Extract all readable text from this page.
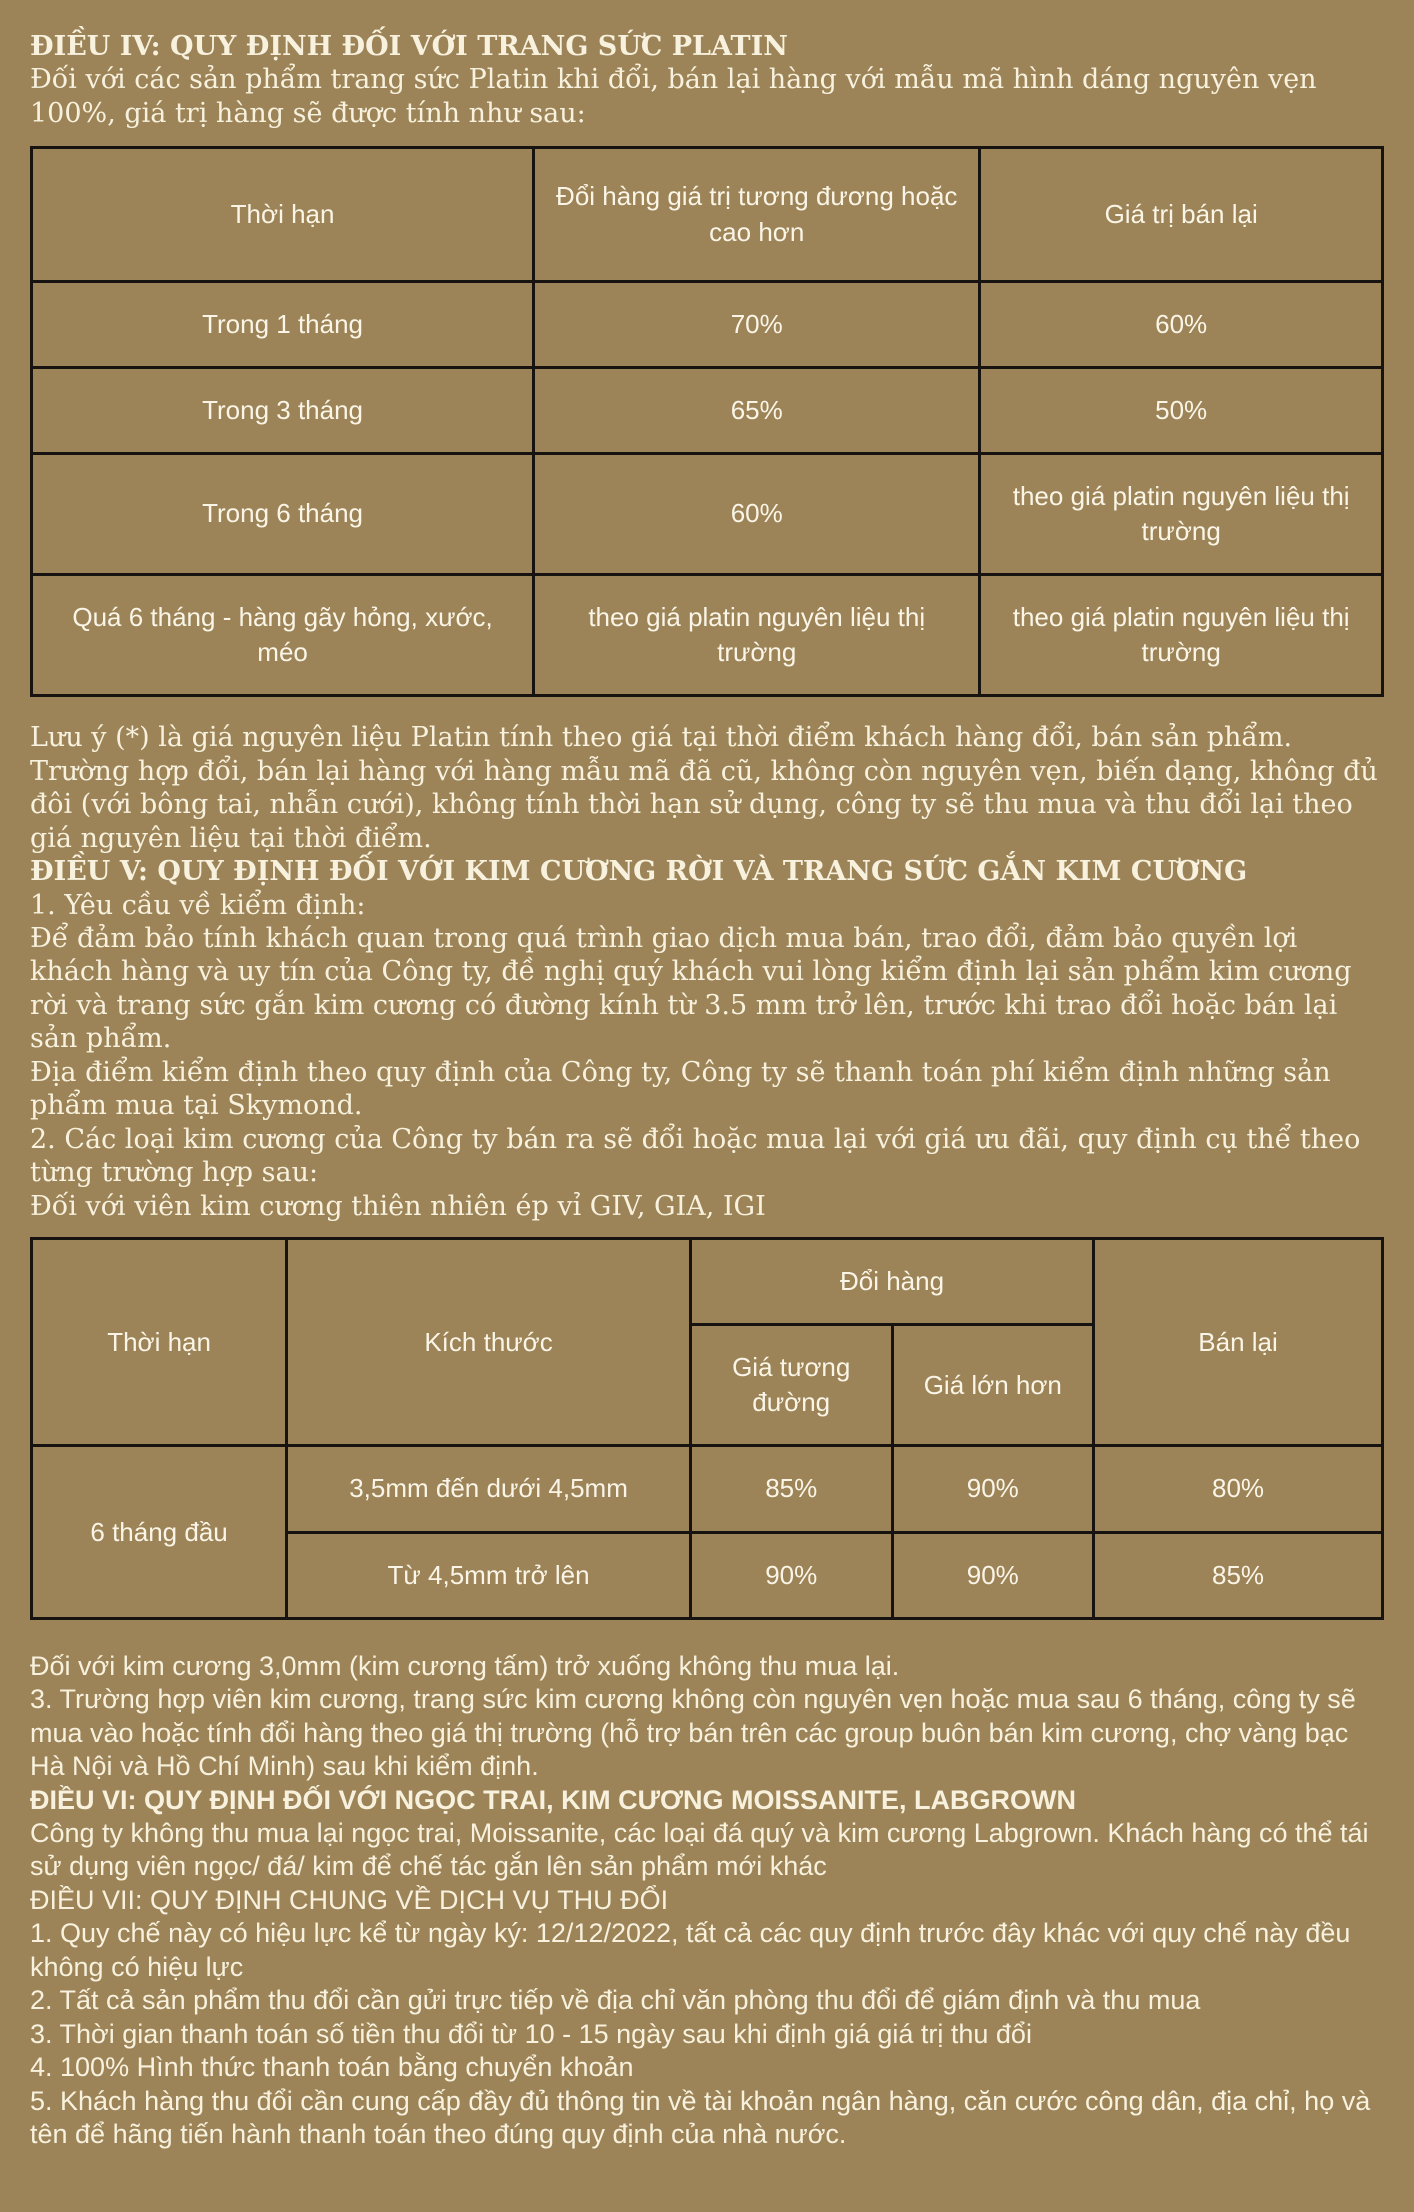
ĐIỀU IV: QUY ĐỊNH ĐỐI VỚI TRANG SỨC PLATIN

Đối với các sản phẩm trang sức Platin khi đổi, bán lại hàng với mẫu mã hình dáng nguyên vẹn 100%, giá trị hàng sẽ được tính như sau:

Thời hạn	Đổi hàng giá trị tương đương hoặc cao hơn	Giá trị bán lại
Trong 1 tháng	70%	60%
Trong 3 tháng	65%	50%
Trong 6 tháng	60%	theo giá platin nguyên liệu thị trường
Quá 6 tháng - hàng gãy hỏng, xước, méo	theo giá platin nguyên liệu thị trường	theo giá platin nguyên liệu thị trường

Lưu ý (*) là giá nguyên liệu Platin tính theo giá tại thời điểm khách hàng đổi, bán sản phẩm. Trường hợp đổi, bán lại hàng với hàng mẫu mã đã cũ, không còn nguyên vẹn, biến dạng, không đủ đôi (với bông tai, nhẫn cưới), không tính thời hạn sử dụng, công ty sẽ thu mua và thu đổi lại theo giá nguyên liệu tại thời điểm.

ĐIỀU V: QUY ĐỊNH ĐỐI VỚI KIM CƯƠNG RỜI VÀ TRANG SỨC GẮN KIM CƯƠNG

1. Yêu cầu về kiểm định:

Để đảm bảo tính khách quan trong quá trình giao dịch mua bán, trao đổi, đảm bảo quyền lợi khách hàng và uy tín của Công ty, đề nghị quý khách vui lòng kiểm định lại sản phẩm kim cương rời và trang sức gắn kim cương có đường kính từ 3.5 mm trở lên, trước khi trao đổi hoặc bán lại sản phẩm.

Địa điểm kiểm định theo quy định của Công ty, Công ty sẽ thanh toán phí kiểm định những sản phẩm mua tại Skymond.

2. Các loại kim cương của Công ty bán ra sẽ đổi hoặc mua lại với giá ưu đãi, quy định cụ thể theo từng trường hợp sau:

Đối với viên kim cương thiên nhiên ép vỉ GIV, GIA, IGI

Thời hạn	Kích thước	Đổi hàng		Bán lại
		Giá tương đường	Giá lớn hơn	
6 tháng đầu	3,5mm đến dưới 4,5mm	85%	90%	80%
	Từ 4,5mm trở lên	90%	90%	85%

Đối với kim cương 3,0mm (kim cương tấm) trở xuống không thu mua lại.

3. Trường hợp viên kim cương, trang sức kim cương không còn nguyên vẹn hoặc mua sau 6 tháng, công ty sẽ mua vào hoặc tính đổi hàng theo giá thị trường (hỗ trợ bán trên các group buôn bán kim cương, chợ vàng bạc Hà Nội và Hồ Chí Minh) sau khi kiểm định.

ĐIỀU VI: QUY ĐỊNH ĐỐI VỚI NGỌC TRAI, KIM CƯƠNG MOISSANITE, LABGROWN

Công ty không thu mua lại ngọc trai, Moissanite, các loại đá quý và kim cương Labgrown. Khách hàng có thể tái sử dụng viên ngọc/ đá/ kim để chế tác gắn lên sản phẩm mới khác

ĐIỀU VII: QUY ĐỊNH CHUNG VỀ DỊCH VỤ THU ĐỔI

1. Quy chế này có hiệu lực kể từ ngày ký: 12/12/2022, tất cả các quy định trước đây khác với quy chế này đều không có hiệu lực

2. Tất cả sản phẩm thu đổi cần gửi trực tiếp về địa chỉ văn phòng thu đổi để giám định và thu mua

3. Thời gian thanh toán số tiền thu đổi từ 10 - 15 ngày sau khi định giá giá trị thu đổi

4. 100% Hình thức thanh toán bằng chuyển khoản

5. Khách hàng thu đổi cần cung cấp đầy đủ thông tin về tài khoản ngân hàng, căn cước công dân, địa chỉ, họ và tên để hãng tiến hành thanh toán theo đúng quy định của nhà nước.
